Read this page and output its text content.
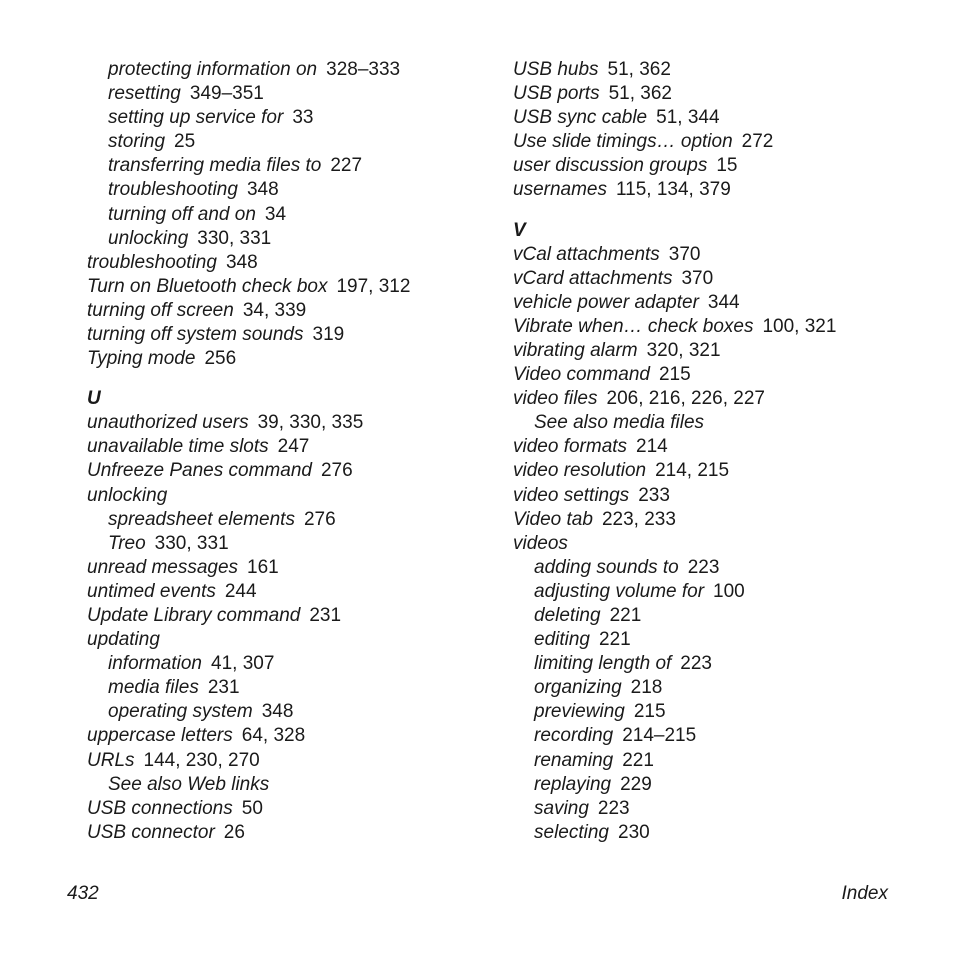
protecting information on 328–333
resetting 349–351
setting up service for 33
storing 25
transferring media files to 227
troubleshooting 348
turning off and on 34
unlocking 330, 331
troubleshooting 348
Turn on Bluetooth check box 197, 312
turning off screen 34, 339
turning off system sounds 319
Typing mode 256
U
unauthorized users 39, 330, 335
unavailable time slots 247
Unfreeze Panes command 276
unlocking
spreadsheet elements 276
Treo 330, 331
unread messages 161
untimed events 244
Update Library command 231
updating
information 41, 307
media files 231
operating system 348
uppercase letters 64, 328
URLs 144, 230, 270
See also Web links
USB connections 50
USB connector 26
USB hubs 51, 362
USB ports 51, 362
USB sync cable 51, 344
Use slide timings… option 272
user discussion groups 15
usernames 115, 134, 379
V
vCal attachments 370
vCard attachments 370
vehicle power adapter 344
Vibrate when… check boxes 100, 321
vibrating alarm 320, 321
Video command 215
video files 206, 216, 226, 227
See also media files
video formats 214
video resolution 214, 215
video settings 233
Video tab 223, 233
videos
adding sounds to 223
adjusting volume for 100
deleting 221
editing 221
limiting length of 223
organizing 218
previewing 215
recording 214–215
renaming 221
replaying 229
saving 223
selecting 230
432	Index
